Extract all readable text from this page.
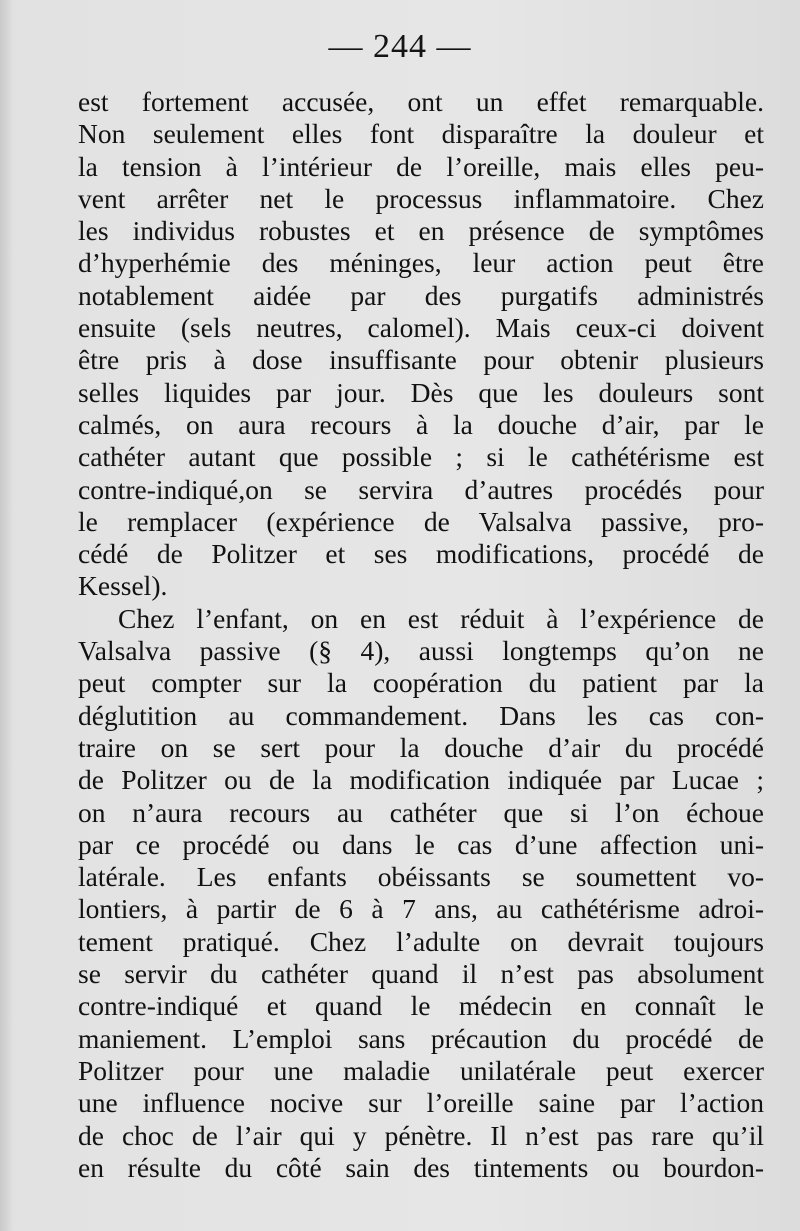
— 244 —
est fortement accusée, ont un effet remarquable.
Non seulement elles font disparaître la douleur et
la tension à l’intérieur de l’oreille, mais elles peu-
vent arrêter net le processus inflammatoire. Chez
les individus robustes et en présence de symptômes
d’hyperhémie des méninges, leur action peut être
notablement aidée par des purgatifs administrés
ensuite (sels neutres, calomel). Mais ceux-ci doivent
être pris à dose insuffisante pour obtenir plusieurs
selles liquides par jour. Dès que les douleurs sont
calmés, on aura recours à la douche d’air, par le
cathéter autant que possible ; si le cathétérisme est
contre-indiqué,on se servira d’autres procédés pour
le remplacer (expérience de Valsalva passive, pro-
cédé de Politzer et ses modifications, procédé de
Kessel).
Chez l’enfant, on en est réduit à l’expérience de
Valsalva passive (§ 4), aussi longtemps qu’on ne
peut compter sur la coopération du patient par la
déglutition au commandement. Dans les cas con-
traire on se sert pour la douche d’air du procédé
de Politzer ou de la modification indiquée par Lucae ;
on n’aura recours au cathéter que si l’on échoue
par ce procédé ou dans le cas d’une affection uni-
latérale. Les enfants obéissants se soumettent vo-
lontiers, à partir de 6 à 7 ans, au cathétérisme adroi-
tement pratiqué. Chez l’adulte on devrait toujours
se servir du cathéter quand il n’est pas absolument
contre-indiqué et quand le médecin en connaît le
maniement. L’emploi sans précaution du procédé de
Politzer pour une maladie unilatérale peut exercer
une influence nocive sur l’oreille saine par l’action
de choc de l’air qui y pénètre. Il n’est pas rare qu’il
en résulte du côté sain des tintements ou bourdon-
